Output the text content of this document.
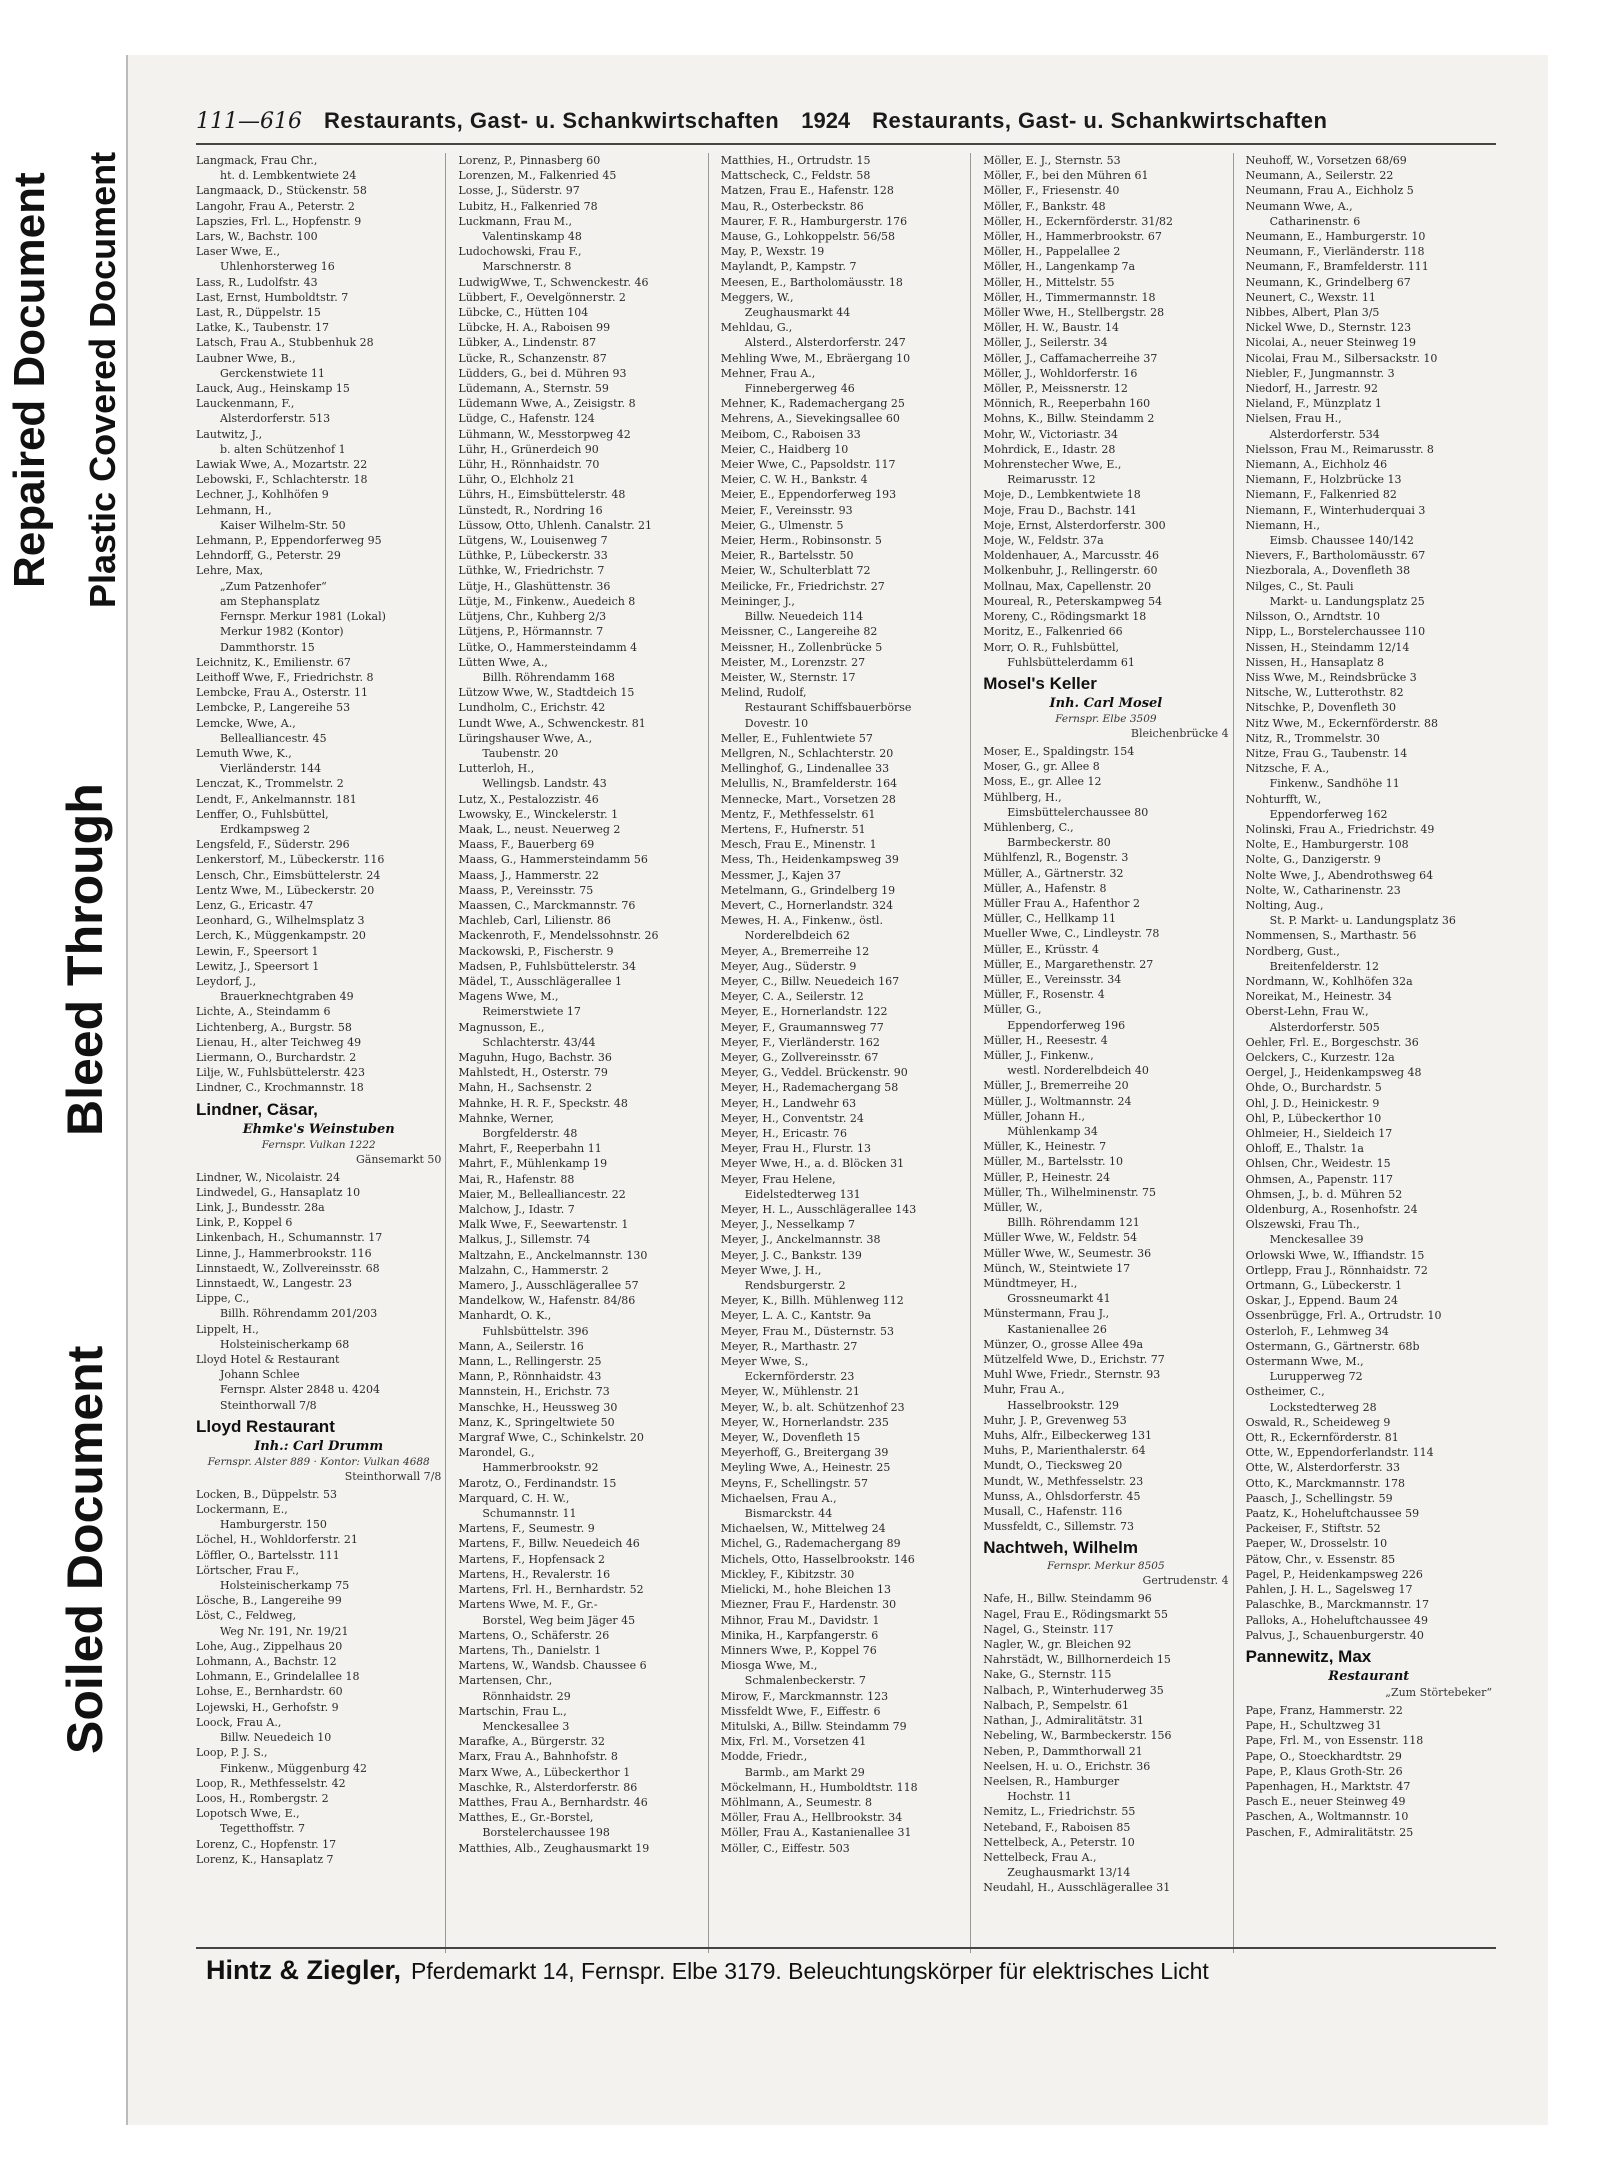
Repaired Document Plastic Covered Document
Bleed Through
Soiled Document
111—616 Restaurants, Gast- u. Schankwirtschaften 1924 Restaurants, Gast- u. Schankwirtschaften
Langmack, Frau Chr.,
ht. d. Lembkentwiete 24
Langmaack, D., Stückenstr. 58
Langohr, Frau A., Peterstr. 2
Lapszies, Frl. L., Hopfenstr. 9
Lars, W., Bachstr. 100
Laser Wwe, E.,
Uhlenhorsterweg 16
Lass, R., Ludolfstr. 43
Last, Ernst, Humboldtstr. 7
Last, R., Düppelstr. 15
Latke, K., Taubenstr. 17
Latsch, Frau A., Stubbenhuk 28
Laubner Wwe, B.,
Gerckenstwiete 11
Lauck, Aug., Heinskamp 15
Lauckenmann, F.,
Alsterdorferstr. 513
Lautwitz, J.,
b. alten Schützenhof 1
Lawiak Wwe, A., Mozartstr. 22
Lebowski, F., Schlachterstr. 18
Lechner, J., Kohlhöfen 9
Lehmann, H.,
Kaiser Wilhelm-Str. 50
Lehmann, P., Eppendorferweg 95
Lehndorff, G., Peterstr. 29
Lehre, Max,
„Zum Patzenhofer“
am Stephansplatz
Fernspr. Merkur 1981 (Lokal)
Merkur 1982 (Kontor)
Dammthorstr. 15
Leichnitz, K., Emilienstr. 67
Leithoff Wwe, F., Friedrichstr. 8
Lembcke, Frau A., Osterstr. 11
Lembcke, P., Langereihe 53
Lemcke, Wwe, A.,
Bellealliancestr. 45
Lemuth Wwe, K.,
Vierländerstr. 144
Lenczat, K., Trommelstr. 2
Lendt, F., Ankelmannstr. 181
Lenffer, O., Fuhlsbüttel,
Erdkampsweg 2
Lengsfeld, F., Süderstr. 296
Lenkerstorf, M., Lübeckerstr. 116
Lensch, Chr., Eimsbüttelerstr. 24
Lentz Wwe, M., Lübeckerstr. 20
Lenz, G., Ericastr. 47
Leonhard, G., Wilhelmsplatz 3
Lerch, K., Müggenkampstr. 20
Lewin, F., Speersort 1
Lewitz, J., Speersort 1
Leydorf, J.,
Brauerknechtgraben 49
Lichte, A., Steindamm 6
Lichtenberg, A., Burgstr. 58
Lienau, H., alter Teichweg 49
Liermann, O., Burchardstr. 2
Lilje, W., Fuhlsbüttelerstr. 423
Lindner, C., Krochmannstr. 18
Lindner, Cäsar,
Ehmke's Weinstuben
Fernspr. Vulkan 1222
Gänsemarkt 50
Lindner, W., Nicolaistr. 24
Lindwedel, G., Hansaplatz 10
Link, J., Bundesstr. 28a
Link, P., Koppel 6
Linkenbach, H., Schumannstr. 17
Linne, J., Hammerbrookstr. 116
Linnstaedt, W., Zollvereinsstr. 68
Linnstaedt, W., Langestr. 23
Lippe, C.,
Billh. Röhrendamm 201/203
Lippelt, H.,
Holsteinischerkamp 68
Lloyd Hotel & Restaurant
Johann Schlee
Fernspr. Alster 2848 u. 4204
Steinthorwall 7/8
Lloyd Restaurant
Inh.: Carl Drumm
Fernspr. Alster 889 · Kontor: Vulkan 4688
Steinthorwall 7/8
Locken, B., Düppelstr. 53
Lockermann, E.,
Hamburgerstr. 150
Löchel, H., Wohldorferstr. 21
Löffler, O., Bartelsstr. 111
Lörtscher, Frau F.,
Holsteinischerkamp 75
Lösche, B., Langereihe 99
Löst, C., Feldweg,
Weg Nr. 191, Nr. 19/21
Lohe, Aug., Zippelhaus 20
Lohmann, A., Bachstr. 12
Lohmann, E., Grindelallee 18
Lohse, E., Bernhardstr. 60
Lojewski, H., Gerhofstr. 9
Loock, Frau A.,
Billw. Neuedeich 10
Loop, P. J. S.,
Finkenw., Müggenburg 42
Loop, R., Methfesselstr. 42
Loos, H., Rombergstr. 2
Lopotsch Wwe, E.,
Tegetthoffstr. 7
Lorenz, C., Hopfenstr. 17
Lorenz, K., Hansaplatz 7
Lorenz, P., Pinnasberg 60
Lorenzen, M., Falkenried 45
Losse, J., Süderstr. 97
Lubitz, H., Falkenried 78
Luckmann, Frau M.,
Valentinskamp 48
Ludochowski, Frau F.,
Marschnerstr. 8
LudwigWwe, T., Schwenckestr. 46
Lübbert, F., Oevelgönnerstr. 2
Lübcke, C., Hütten 104
Lübcke, H. A., Raboisen 99
Lübker, A., Lindenstr. 87
Lücke, R., Schanzenstr. 87
Lüdders, G., bei d. Mühren 93
Lüdemann, A., Sternstr. 59
Lüdemann Wwe, A., Zeisigstr. 8
Lüdge, C., Hafenstr. 124
Lühmann, W., Messtorpweg 42
Lühr, H., Grünerdeich 90
Lühr, H., Rönnhaidstr. 70
Lühr, O., Elchholz 21
Lührs, H., Eimsbüttelerstr. 48
Lünstedt, R., Nordring 16
Lüssow, Otto, Uhlenh. Canalstr. 21
Lütgens, W., Louisenweg 7
Lüthke, P., Lübeckerstr. 33
Lüthke, W., Friedrichstr. 7
Lütje, H., Glashüttenstr. 36
Lütje, M., Finkenw., Auedeich 8
Lütjens, Chr., Kuhberg 2/3
Lütjens, P., Hörmannstr. 7
Lütke, O., Hammersteindamm 4
Lütten Wwe, A.,
Billh. Röhrendamm 168
Lützow Wwe, W., Stadtdeich 15
Lundholm, C., Erichstr. 42
Lundt Wwe, A., Schwenckestr. 81
Lüringshauser Wwe, A.,
Taubenstr. 20
Lutterloh, H.,
Wellingsb. Landstr. 43
Lutz, X., Pestalozzistr. 46
Lwowsky, E., Winckelerstr. 1
Maak, L., neust. Neuerweg 2
Maass, F., Bauerberg 69
Maass, G., Hammersteindamm 56
Maass, J., Hammerstr. 22
Maass, P., Vereinsstr. 75
Maassen, C., Marckmannstr. 76
Machleb, Carl, Lilienstr. 86
Mackenroth, F., Mendelssohnstr. 26
Mackowski, P., Fischerstr. 9
Madsen, P., Fuhlsbüttelerstr. 34
Mädel, T., Ausschlägerallee 1
Magens Wwe, M.,
Reimerstwiete 17
Magnusson, E.,
Schlachterstr. 43/44
Maguhn, Hugo, Bachstr. 36
Mahlstedt, H., Osterstr. 79
Mahn, H., Sachsenstr. 2
Mahnke, H. R. F., Speckstr. 48
Mahnke, Werner,
Borgfelderstr. 48
Mahrt, F., Reeperbahn 11
Mahrt, F., Mühlenkamp 19
Mai, R., Hafenstr. 88
Maier, M., Bellealliancestr. 22
Malchow, J., Idastr. 7
Malk Wwe, F., Seewartenstr. 1
Malkus, J., Sillemstr. 74
Maltzahn, E., Anckelmannstr. 130
Malzahn, C., Hammerstr. 2
Mamero, J., Ausschlägerallee 57
Mandelkow, W., Hafenstr. 84/86
Manhardt, O. K.,
Fuhlsbüttelstr. 396
Mann, A., Seilerstr. 16
Mann, L., Rellingerstr. 25
Mann, P., Rönnhaidstr. 43
Mannstein, H., Erichstr. 73
Manschke, H., Heussweg 30
Manz, K., Springeltwiete 50
Margraf Wwe, C., Schinkelstr. 20
Marondel, G.,
Hammerbrookstr. 92
Marotz, O., Ferdinandstr. 15
Marquard, C. H. W.,
Schumannstr. 11
Martens, F., Seumestr. 9
Martens, F., Billw. Neuedeich 46
Martens, F., Hopfensack 2
Martens, H., Revalerstr. 16
Martens, Frl. H., Bernhardstr. 52
Martens Wwe, M. F., Gr.-
Borstel, Weg beim Jäger 45
Martens, O., Schäferstr. 26
Martens, Th., Danielstr. 1
Martens, W., Wandsb. Chaussee 6
Martensen, Chr.,
Rönnhaidstr. 29
Martschin, Frau L.,
Menckesallee 3
Marafke, A., Bürgerstr. 32
Marx, Frau A., Bahnhofstr. 8
Marx Wwe, A., Lübeckerthor 1
Maschke, R., Alsterdorferstr. 86
Matthes, Frau A., Bernhardstr. 46
Matthes, E., Gr.-Borstel,
Borstelerchaussee 198
Matthies, Alb., Zeughausmarkt 19
Matthies, H., Ortrudstr. 15
Mattscheck, C., Feldstr. 58
Matzen, Frau E., Hafenstr. 128
Mau, R., Osterbeckstr. 86
Maurer, F. R., Hamburgerstr. 176
Mause, G., Lohkoppelstr. 56/58
May, P., Wexstr. 19
Maylandt, P., Kampstr. 7
Meesen, E., Bartholomäusstr. 18
Meggers, W.,
Zeughausmarkt 44
Mehldau, G.,
Alsterd., Alsterdorferstr. 247
Mehling Wwe, M., Ebräergang 10
Mehner, Frau A.,
Finnebergerweg 46
Mehner, K., Rademachergang 25
Mehrens, A., Sievekingsallee 60
Meibom, C., Raboisen 33
Meier, C., Haidberg 10
Meier Wwe, C., Papsoldstr. 117
Meier, C. W. H., Bankstr. 4
Meier, E., Eppendorferweg 193
Meier, F., Vereinsstr. 93
Meier, G., Ulmenstr. 5
Meier, Herm., Robinsonstr. 5
Meier, R., Bartelsstr. 50
Meier, W., Schulterblatt 72
Meilicke, Fr., Friedrichstr. 27
Meininger, J.,
Billw. Neuedeich 114
Meissner, C., Langereihe 82
Meissner, H., Zollenbrücke 5
Meister, M., Lorenzstr. 27
Meister, W., Sternstr. 17
Melind, Rudolf,
Restaurant Schiffsbauerbörse
Dovestr. 10
Meller, E., Fuhlentwiete 57
Mellgren, N., Schlachterstr. 20
Mellinghof, G., Lindenallee 33
Melullis, N., Bramfelderstr. 164
Mennecke, Mart., Vorsetzen 28
Mentz, F., Methfesselstr. 61
Mertens, F., Hufnerstr. 51
Mesch, Frau E., Minenstr. 1
Mess, Th., Heidenkampsweg 39
Messmer, J., Kajen 37
Metelmann, G., Grindelberg 19
Mevert, C., Hornerlandstr. 324
Mewes, H. A., Finkenw., östl.
Norderelbdeich 62
Meyer, A., Bremerreihe 12
Meyer, Aug., Süderstr. 9
Meyer, C., Billw. Neuedeich 167
Meyer, C. A., Seilerstr. 12
Meyer, E., Hornerlandstr. 122
Meyer, F., Graumannsweg 77
Meyer, F., Vierländerstr. 162
Meyer, G., Zollvereinsstr. 67
Meyer, G., Veddel. Brückenstr. 90
Meyer, H., Rademachergang 58
Meyer, H., Landwehr 63
Meyer, H., Conventstr. 24
Meyer, H., Ericastr. 76
Meyer, Frau H., Flurstr. 13
Meyer Wwe, H., a. d. Blöcken 31
Meyer, Frau Helene,
Eidelstedterweg 131
Meyer, H. L., Ausschlägerallee 143
Meyer, J., Nesselkamp 7
Meyer, J., Anckelmannstr. 38
Meyer, J. C., Bankstr. 139
Meyer Wwe, J. H.,
Rendsburgerstr. 2
Meyer, K., Billh. Mühlenweg 112
Meyer, L. A. C., Kantstr. 9a
Meyer, Frau M., Düsternstr. 53
Meyer, R., Marthastr. 27
Meyer Wwe, S.,
Eckernförderstr. 23
Meyer, W., Mühlenstr. 21
Meyer, W., b. alt. Schützenhof 23
Meyer, W., Hornerlandstr. 235
Meyer, W., Dovenfleth 15
Meyerhoff, G., Breitergang 39
Meyling Wwe, A., Heinestr. 25
Meyns, F., Schellingstr. 57
Michaelsen, Frau A.,
Bismarckstr. 44
Michaelsen, W., Mittelweg 24
Michel, G., Rademachergang 89
Michels, Otto, Hasselbrookstr. 146
Mickley, F., Kibitzstr. 30
Mielicki, M., hohe Bleichen 13
Miezner, Frau F., Hardenstr. 30
Mihnor, Frau M., Davidstr. 1
Minika, H., Karpfangerstr. 6
Minners Wwe, P., Koppel 76
Miosga Wwe, M.,
Schmalenbeckerstr. 7
Mirow, F., Marckmannstr. 123
Missfeldt Wwe, F., Eiffestr. 6
Mitulski, A., Billw. Steindamm 79
Mix, Frl. M., Vorsetzen 41
Modde, Friedr.,
Barmb., am Markt 29
Möckelmann, H., Humboldtstr. 118
Möhlmann, A., Seumestr. 8
Möller, Frau A., Hellbrookstr. 34
Möller, Frau A., Kastanienallee 31
Möller, C., Eiffestr. 503
Möller, E. J., Sternstr. 53
Möller, F., bei den Mühren 61
Möller, F., Friesenstr. 40
Möller, F., Bankstr. 48
Möller, H., Eckernförderstr. 31/82
Möller, H., Hammerbrookstr. 67
Möller, H., Pappelallee 2
Möller, H., Langenkamp 7a
Möller, H., Mittelstr. 55
Möller, H., Timmermannstr. 18
Möller Wwe, H., Stellbergstr. 28
Möller, H. W., Baustr. 14
Möller, J., Seilerstr. 34
Möller, J., Caffamacherreihe 37
Möller, J., Wohldorferstr. 16
Möller, P., Meissnerstr. 12
Mönnich, R., Reeperbahn 160
Mohns, K., Billw. Steindamm 2
Mohr, W., Victoriastr. 34
Mohrdick, E., Idastr. 28
Mohrenstecher Wwe, E.,
Reimarusstr. 12
Moje, D., Lembkentwiete 18
Moje, Frau D., Bachstr. 141
Moje, Ernst, Alsterdorferstr. 300
Moje, W., Feldstr. 37a
Moldenhauer, A., Marcusstr. 46
Molkenbuhr, J., Rellingerstr. 60
Mollnau, Max, Capellenstr. 20
Moureal, R., Peterskampweg 54
Moreny, C., Rödingsmarkt 18
Moritz, E., Falkenried 66
Morr, O. R., Fuhlsbüttel,
Fuhlsbüttelerdamm 61
Mosel's Keller
Inh. Carl Mosel
Fernspr. Elbe 3509
Bleichenbrücke 4
Moser, E., Spaldingstr. 154
Moser, G., gr. Allee 8
Moss, E., gr. Allee 12
Mühlberg, H.,
Eimsbüttelerchaussee 80
Mühlenberg, C.,
Barmbeckerstr. 80
Mühlfenzl, R., Bogenstr. 3
Müller, A., Gärtnerstr. 32
Müller, A., Hafenstr. 8
Müller Frau A., Hafenthor 2
Müller, C., Hellkamp 11
Mueller Wwe, C., Lindleystr. 78
Müller, E., Krüsstr. 4
Müller, E., Margarethenstr. 27
Müller, E., Vereinsstr. 34
Müller, F., Rosenstr. 4
Müller, G.,
Eppendorferweg 196
Müller, H., Reesestr. 4
Müller, J., Finkenw.,
westl. Norderelbdeich 40
Müller, J., Bremerreihe 20
Müller, J., Woltmannstr. 24
Müller, Johann H.,
Mühlenkamp 34
Müller, K., Heinestr. 7
Müller, M., Bartelsstr. 10
Müller, P., Heinestr. 24
Müller, Th., Wilhelminenstr. 75
Müller, W.,
Billh. Röhrendamm 121
Müller Wwe, W., Feldstr. 54
Müller Wwe, W., Seumestr. 36
Münch, W., Steintwiete 17
Mündtmeyer, H.,
Grossneumarkt 41
Münstermann, Frau J.,
Kastanienallee 26
Münzer, O., grosse Allee 49a
Mützelfeld Wwe, D., Erichstr. 77
Muhl Wwe, Friedr., Sternstr. 93
Muhr, Frau A.,
Hasselbrookstr. 129
Muhr, J. P., Grevenweg 53
Muhs, Alfr., Eilbeckerweg 131
Muhs, P., Marienthalerstr. 64
Mundt, O., Tiecksweg 20
Mundt, W., Methfesselstr. 23
Munss, A., Ohlsdorferstr. 45
Musall, C., Hafenstr. 116
Mussfeldt, C., Sillemstr. 73
Nachtweh, Wilhelm
Fernspr. Merkur 8505
Gertrudenstr. 4
Nafe, H., Billw. Steindamm 96
Nagel, Frau E., Rödingsmarkt 55
Nagel, G., Steinstr. 117
Nagler, W., gr. Bleichen 92
Nahrstädt, W., Billhornerdeich 15
Nake, G., Sternstr. 115
Nalbach, P., Winterhuderweg 35
Nalbach, P., Sempelstr. 61
Nathan, J., Admiralitätstr. 31
Nebeling, W., Barmbeckerstr. 156
Neben, P., Dammthorwall 21
Neelsen, H. u. O., Erichstr. 36
Neelsen, R., Hamburger
Hochstr. 11
Nemitz, L., Friedrichstr. 55
Neteband, F., Raboisen 85
Nettelbeck, A., Peterstr. 10
Nettelbeck, Frau A.,
Zeughausmarkt 13/14
Neudahl, H., Ausschlägerallee 31
Neuhoff, W., Vorsetzen 68/69
Neumann, A., Seilerstr. 22
Neumann, Frau A., Eichholz 5
Neumann Wwe, A.,
Catharinenstr. 6
Neumann, E., Hamburgerstr. 10
Neumann, F., Vierländerstr. 118
Neumann, F., Bramfelderstr. 111
Neumann, K., Grindelberg 67
Neunert, C., Wexstr. 11
Nibbes, Albert, Plan 3/5
Nickel Wwe, D., Sternstr. 123
Nicolai, A., neuer Steinweg 19
Nicolai, Frau M., Silbersackstr. 10
Niebler, F., Jungmannstr. 3
Niedorf, H., Jarrestr. 92
Nieland, F., Münzplatz 1
Nielsen, Frau H.,
Alsterdorferstr. 534
Nielsson, Frau M., Reimarusstr. 8
Niemann, A., Eichholz 46
Niemann, F., Holzbrücke 13
Niemann, F., Falkenried 82
Niemann, F., Winterhuderquai 3
Niemann, H.,
Eimsb. Chaussee 140/142
Nievers, F., Bartholomäusstr. 67
Niezborala, A., Dovenfleth 38
Nilges, C., St. Pauli
Markt- u. Landungsplatz 25
Nilsson, O., Arndtstr. 10
Nipp, L., Borstelerchaussee 110
Nissen, H., Steindamm 12/14
Nissen, H., Hansaplatz 8
Niss Wwe, M., Reindsbrücke 3
Nitsche, W., Lutterothstr. 82
Nitschke, P., Dovenfleth 30
Nitz Wwe, M., Eckernförderstr. 88
Nitz, R., Trommelstr. 30
Nitze, Frau G., Taubenstr. 14
Nitzsche, F. A.,
Finkenw., Sandhöhe 11
Nohturfft, W.,
Eppendorferweg 162
Nolinski, Frau A., Friedrichstr. 49
Nolte, E., Hamburgerstr. 108
Nolte, G., Danzigerstr. 9
Nolte Wwe, J., Abendrothsweg 64
Nolte, W., Catharinenstr. 23
Nolting, Aug.,
St. P. Markt- u. Landungsplatz 36
Nommensen, S., Marthastr. 56
Nordberg, Gust.,
Breitenfelderstr. 12
Nordmann, W., Kohlhöfen 32a
Noreikat, M., Heinestr. 34
Oberst-Lehn, Frau W.,
Alsterdorferstr. 505
Oehler, Frl. E., Borgeschstr. 36
Oelckers, C., Kurzestr. 12a
Oergel, J., Heidenkampsweg 48
Ohde, O., Burchardstr. 5
Ohl, J. D., Heinickestr. 9
Ohl, P., Lübeckerthor 10
Ohlmeier, H., Sieldeich 17
Ohloff, E., Thalstr. 1a
Ohlsen, Chr., Weidestr. 15
Ohmsen, A., Papenstr. 117
Ohmsen, J., b. d. Mühren 52
Oldenburg, A., Rosenhofstr. 24
Olszewski, Frau Th.,
Menckesallee 39
Orlowski Wwe, W., Iffiandstr. 15
Ortlepp, Frau J., Rönnhaidstr. 72
Ortmann, G., Lübeckerstr. 1
Oskar, J., Eppend. Baum 24
Ossenbrügge, Frl. A., Ortrudstr. 10
Osterloh, F., Lehmweg 34
Ostermann, G., Gärtnerstr. 68b
Ostermann Wwe, M.,
Lurupperweg 72
Ostheimer, C.,
Lockstedterweg 28
Oswald, R., Scheideweg 9
Ott, R., Eckernförderstr. 81
Otte, W., Eppendorferlandstr. 114
Otte, W., Alsterdorferstr. 33
Otto, K., Marckmannstr. 178
Paasch, J., Schellingstr. 59
Paatz, K., Hoheluftchaussee 59
Packeiser, F., Stiftstr. 52
Paeper, W., Drosselstr. 10
Pätow, Chr., v. Essenstr. 85
Pagel, P., Heidenkampsweg 226
Pahlen, J. H. L., Sagelsweg 17
Palaschke, B., Marckmannstr. 17
Palloks, A., Hoheluftchaussee 49
Palvus, J., Schauenburgerstr. 40
Pannewitz, Max
Restaurant
„Zum Störtebeker“
Pape, Franz, Hammerstr. 22
Pape, H., Schultzweg 31
Pape, Frl. M., von Essenstr. 118
Pape, O., Stoeckhardtstr. 29
Pape, P., Klaus Groth-Str. 26
Papenhagen, H., Marktstr. 47
Pasch E., neuer Steinweg 49
Paschen, A., Woltmannstr. 10
Paschen, F., Admiralitätstr. 25
Hintz & Ziegler, Pferdemarkt 14, Fernspr. Elbe 3179. Beleuchtungskörper für elektrisches Licht
